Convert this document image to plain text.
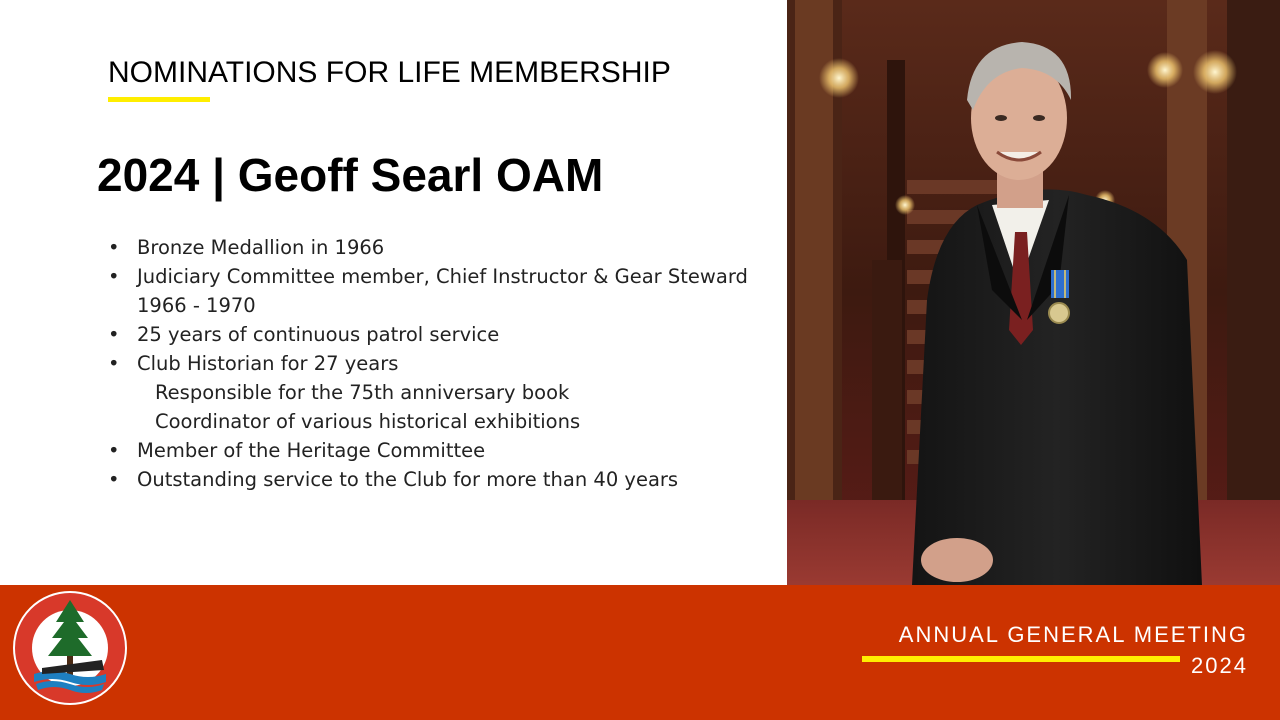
NOMINATIONS FOR LIFE MEMBERSHIP
2024 | Geoff Searl OAM
• Bronze Medallion in 1966
• Judiciary Committee member, Chief Instructor & Gear Steward
1966 - 1970
• 25 years of continuous patrol service
• Club Historian for 27 years
Responsible for the 75th anniversary book
Coordinator of various historical exhibitions
• Member of the Heritage Committee
• Outstanding service to the Club for more than 40 years
ANNUAL GENERAL MEETING
2024
